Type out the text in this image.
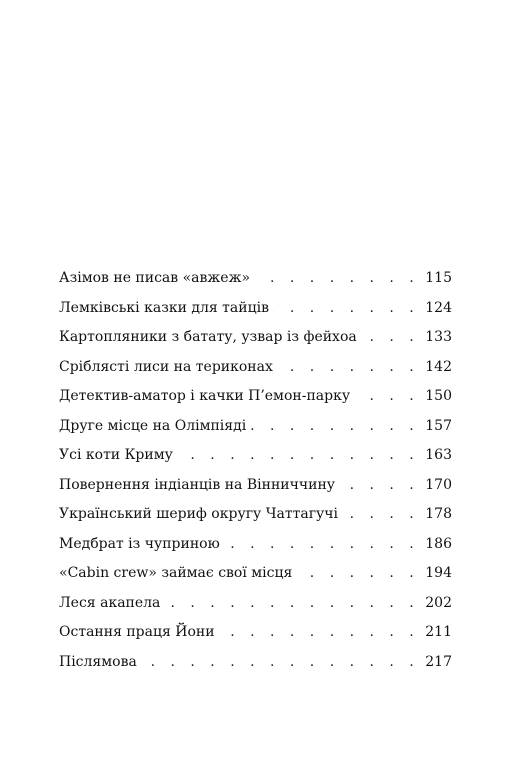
Азімов не писав «авжеж» . . .	115
Лемківські казки для тайців . . .	124
Картопляники з батату, узвар із фейхоа . . .	133
Сріблясті лиси на териконах . . .	142
Детектив-аматор і качки П’емон-парку . . .	150
Друге місце на Олімпіяді . . .	157
Усі коти Криму . . .	163
Повернення індіанців на Вінниччину . . .	170
Український шериф округу Чаттагучі . . .	178
Медбрат із чуприною . . .	186
«Cabin crew» займає свої місця . . .	194
Леся акапела . . .	202
Остання праця Йони . . .	211
Післямова . . .	217
